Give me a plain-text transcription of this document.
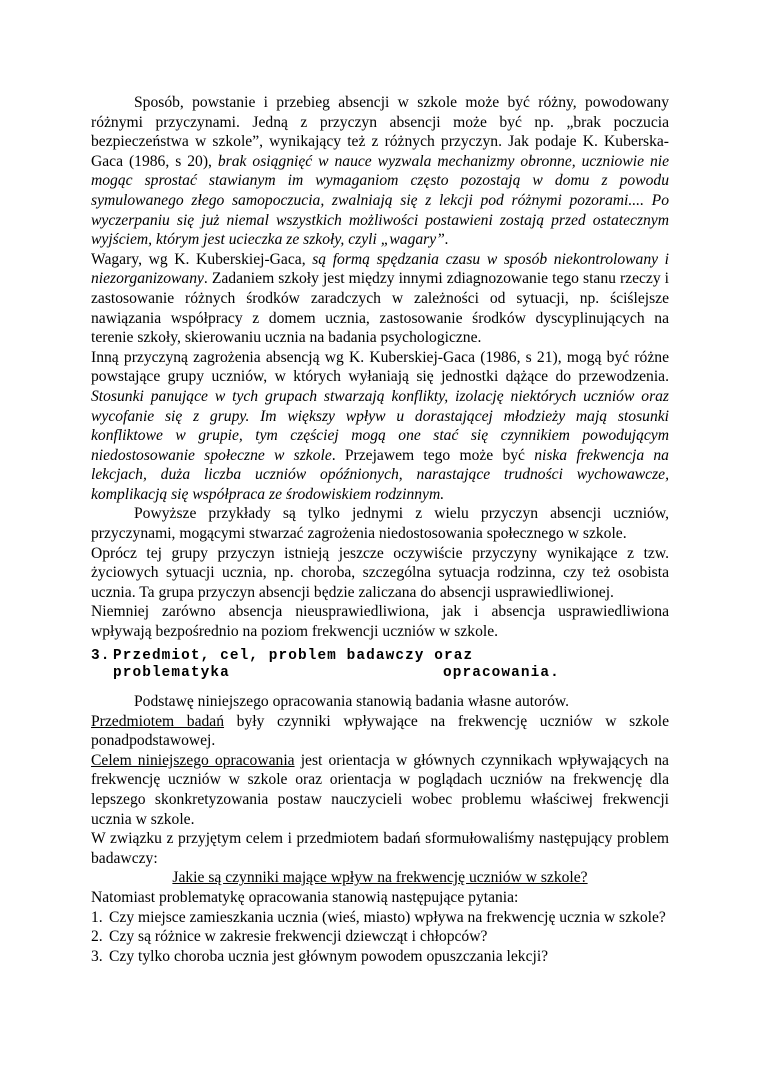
Sposób, powstanie i przebieg absencji w szkole może być różny, powodowany różnymi przyczynami. Jedną z przyczyn absencji może być np. „brak poczucia bezpieczeństwa w szkole”, wynikający też z różnych przyczyn. Jak podaje K. Kuberska-Gaca (1986, s 20), brak osiągnięć w nauce wyzwala mechanizmy obronne, uczniowie nie mogąc sprostać stawianym im wymaganiom często pozostają w domu z powodu symulowanego złego samopoczucia, zwalniają się z lekcji pod różnymi pozorami.... Po wyczerpaniu się już niemal wszystkich możliwości postawieni zostają przed ostatecznym wyjściem, którym jest ucieczka ze szkoły, czyli „wagary”.

Wagary, wg K. Kuberskiej-Gaca, są formą spędzania czasu w sposób niekontrolowany i niezorganizowany. Zadaniem szkoły jest między innymi zdiagnozowanie tego stanu rzeczy i zastosowanie różnych środków zaradczych w zależności od sytuacji, np. ściślejsze nawiązania współpracy z domem ucznia, zastosowanie środków dyscyplinujących na terenie szkoły, skierowaniu ucznia na badania psychologiczne.

Inną przyczyną zagrożenia absencją wg K. Kuberskiej-Gaca (1986, s 21), mogą być różne powstające grupy uczniów, w których wyłaniają się jednostki dążące do przewodzenia. Stosunki panujące w tych grupach stwarzają konflikty, izolację niektórych uczniów oraz wycofanie się z grupy. Im większy wpływ u dorastającej młodzieży mają stosunki konfliktowe w grupie, tym częściej mogą one stać się czynnikiem powodującym niedostosowanie społeczne w szkole. Przejawem tego może być niska frekwencja na lekcjach, duża liczba uczniów opóźnionych, narastające trudności wychowawcze, komplikacją się współpraca ze środowiskiem rodzinnym.

Powyższe przykłady są tylko jednymi z wielu przyczyn absencji uczniów, przyczynami, mogącymi stwarzać zagrożenia niedostosowania społecznego w szkole.

Oprócz tej grupy przyczyn istnieją jeszcze oczywiście przyczyny wynikające z tzw. życiowych sytuacji ucznia, np. choroba, szczególna sytuacja rodzinna, czy też osobista ucznia. Ta grupa przyczyn absencji będzie zaliczana do absencji usprawiedliwionej.

Niemniej zarówno absencja nieusprawiedliwiona, jak i absencja usprawiedliwiona wpływają bezpośrednio na poziom frekwencji uczniów w szkole.

3. Przedmiot, cel, problem badawczy oraz
problematyka	opracowania.

Podstawę niniejszego opracowania stanowią badania własne autorów.

Przedmiotem badań były czynniki wpływające na frekwencję uczniów w szkole ponadpodstawowej.

Celem niniejszego opracowania jest orientacja w głównych czynnikach wpływających na frekwencję uczniów w szkole oraz orientacja w poglądach uczniów na frekwencję dla lepszego skonkretyzowania postaw nauczycieli wobec problemu właściwej frekwencji ucznia w szkole.

W związku z przyjętym celem i przedmiotem badań sformułowaliśmy następujący problem badawczy:

Jakie są czynniki mające wpływ na frekwencję uczniów w szkole?

Natomiast problematykę opracowania stanowią następujące pytania:

1. Czy miejsce zamieszkania ucznia (wieś, miasto) wpływa na frekwencję ucznia w szkole?
2. Czy są różnice w zakresie frekwencji dziewcząt i chłopców?
3. Czy tylko choroba ucznia jest głównym powodem opuszczania lekcji?
